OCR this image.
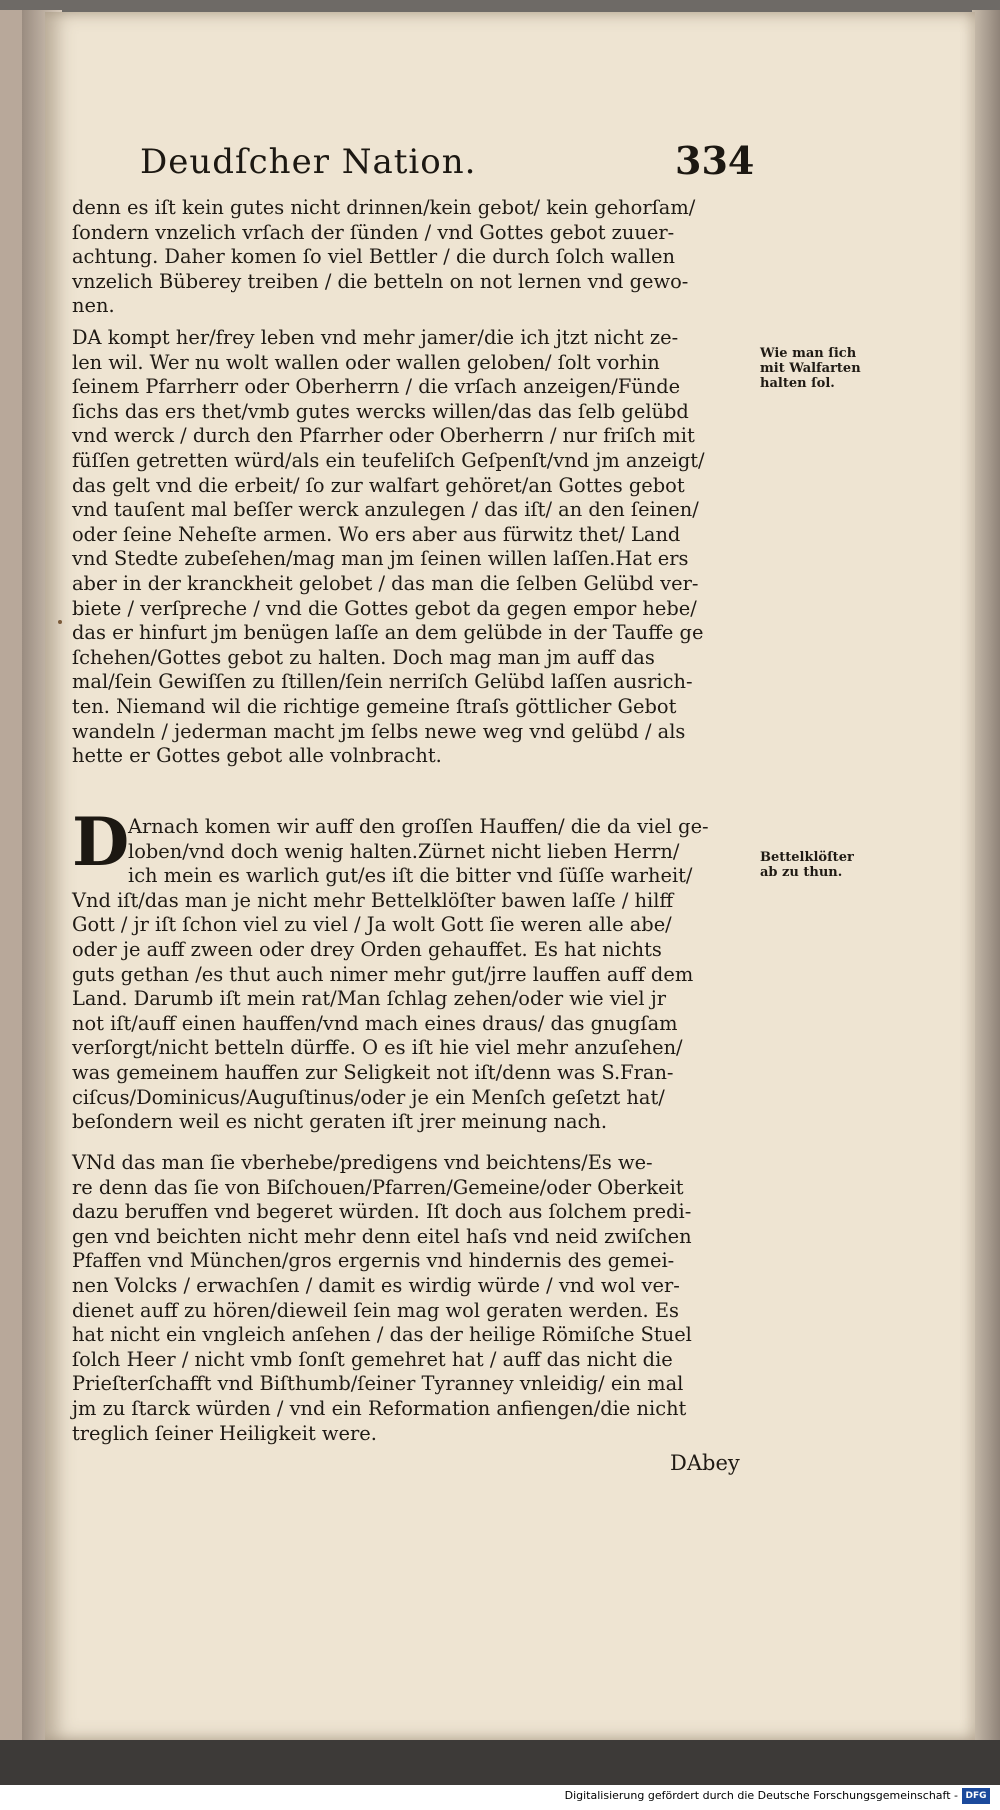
Deudſcher Nation.	334
denn es iſt kein gutes nicht drinnen/kein gebot/ kein gehorſam/
ſondern vnzelich vrſach der ſünden / vnd Gottes gebot zuuer-
achtung. Daher komen ſo viel Bettler / die durch ſolch wallen
vnzelich Büberey treiben / die betteln on not lernen vnd gewo-
nen.
DA kompt her/frey leben vnd mehr jamer/die ich jtzt nicht ze-
len wil. Wer nu wolt wallen oder wallen geloben/ ſolt vorhin
ſeinem Pfarrherr oder Oberherrn / die vrſach anzeigen/Fünde
ſichs das ers thet/vmb gutes wercks willen/das das ſelb gelübd
vnd werck / durch den Pfarrher oder Oberherrn / nur friſch mit
füſſen getretten würd/als ein teufeliſch Geſpenſt/vnd jm anzeigt/
das gelt vnd die erbeit/ ſo zur walfart gehöret/an Gottes gebot
vnd tauſent mal beſſer werck anzulegen / das iſt/ an den ſeinen/
oder ſeine Neheſte armen. Wo ers aber aus fürwitz thet/ Land
vnd Stedte zubeſehen/mag man jm ſeinen willen laſſen.Hat ers
aber in der kranckheit gelobet / das man die ſelben Gelübd ver-
biete / verſpreche / vnd die Gottes gebot da gegen empor hebe/
das er hinfurt jm benügen laſſe an dem gelübde in der Tauffe ge
ſchehen/Gottes gebot zu halten. Doch mag man jm auff das
mal/ſein Gewiſſen zu ſtillen/ſein nerriſch Gelübd laſſen ausrich-
ten. Niemand wil die richtige gemeine ſtraſs göttlicher Gebot
wandeln / jederman macht jm ſelbs newe weg vnd gelübd / als
hette er Gottes gebot alle volnbracht.
Wie man ſich mit Walfarten halten ſol.
D
Arnach komen wir auff den groſſen Hauffen/ die da viel ge-
loben/vnd doch wenig halten.Zürnet nicht lieben Herrn/
ich mein es warlich gut/es iſt die bitter vnd ſüſſe warheit/
Vnd iſt/das man je nicht mehr Bettelklöſter bawen laſſe / hilff
Gott / jr iſt ſchon viel zu viel / Ja wolt Gott ſie weren alle abe/
oder je auff zween oder drey Orden gehauffet. Es hat nichts
guts gethan /es thut auch nimer mehr gut/jrre lauffen auff dem
Land. Darumb iſt mein rat/Man ſchlag zehen/oder wie viel jr
not iſt/auff einen hauffen/vnd mach eines draus/ das gnugſam
verſorgt/nicht betteln dürffe. O es iſt hie viel mehr anzuſehen/
was gemeinem hauffen zur Seligkeit not iſt/denn was S.Fran-
ciſcus/Dominicus/Auguſtinus/oder je ein Menſch geſetzt hat/
beſondern weil es nicht geraten iſt jrer meinung nach.
Bettelklöſter ab zu thun.
VNd das man ſie vberhebe/predigens vnd beichtens/Es we-
re denn das ſie von Biſchouen/Pfarren/Gemeine/oder Oberkeit
dazu beruffen vnd begeret würden. Iſt doch aus ſolchem predi-
gen vnd beichten nicht mehr denn eitel haſs vnd neid zwiſchen
Pfaffen vnd München/gros ergernis vnd hindernis des gemei-
nen Volcks / erwachſen / damit es wirdig würde / vnd wol ver-
dienet auff zu hören/dieweil ſein mag wol geraten werden. Es
hat nicht ein vngleich anſehen / das der heilige Römiſche Stuel
ſolch Heer / nicht vmb ſonſt gemehret hat / auff das nicht die
Prieſterſchafft vnd Biſthumb/ſeiner Tyranney vnleidig/ ein mal
jm zu ſtarck würden / vnd ein Reformation anfiengen/die nicht
treglich ſeiner Heiligkeit were.
DAbey
Digitalisierung gefördert durch die Deutsche Forschungsgemeinschaft - DFG
